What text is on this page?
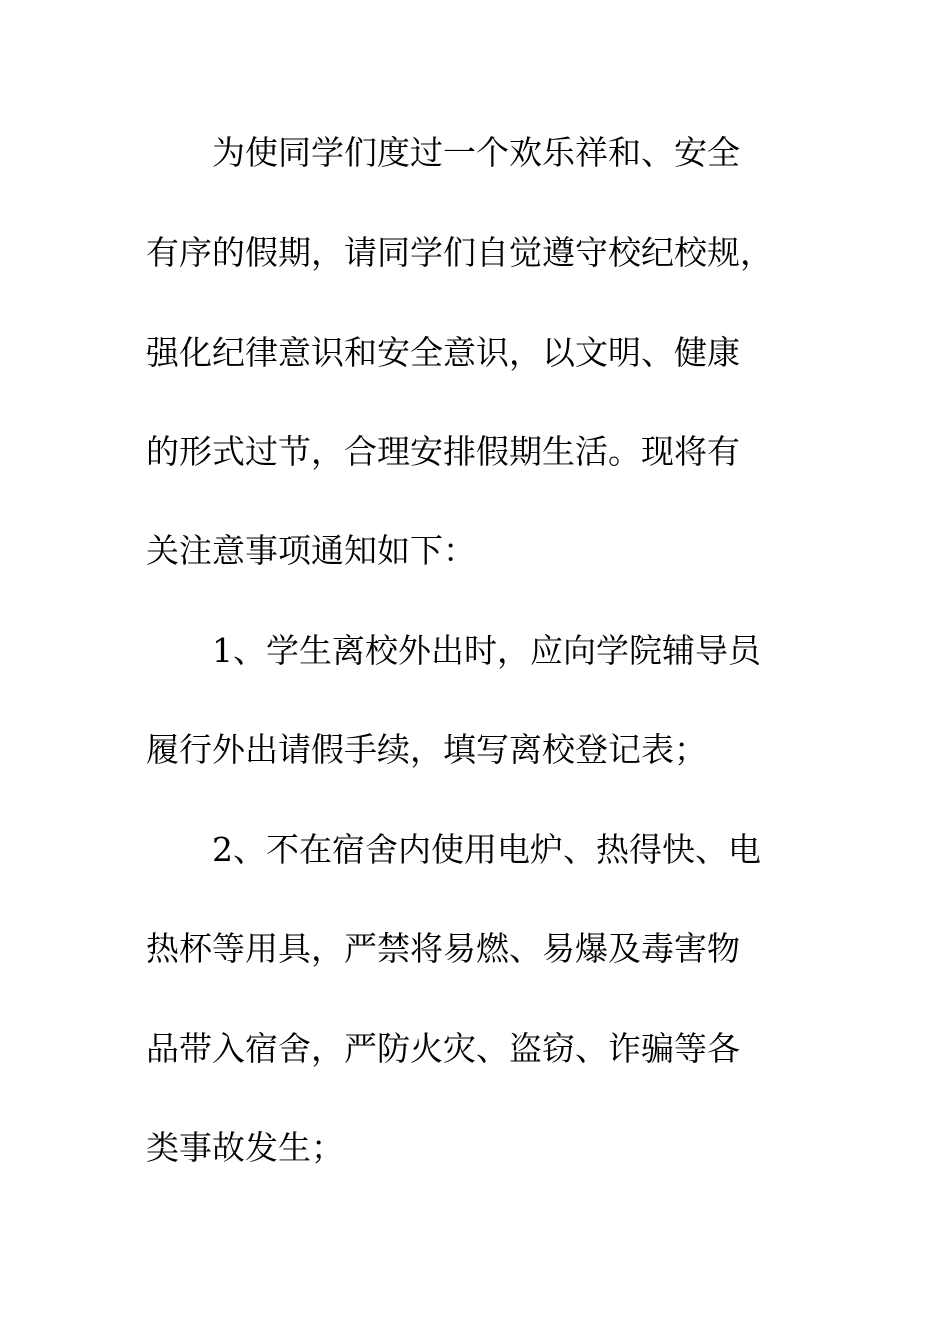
为使同学们度过一个欢乐祥和、安全
有序的假期，请同学们自觉遵守校纪校规，
强化纪律意识和安全意识，以文明、健康
的形式过节，合理安排假期生活。现将有
关注意事项通知如下：
1、学生离校外出时，应向学院辅导员
履行外出请假手续，填写离校登记表；
2、不在宿舍内使用电炉、热得快、电
热杯等用具，严禁将易燃、易爆及毒害物
品带入宿舍，严防火灾、盗窃、诈骗等各
类事故发生；
